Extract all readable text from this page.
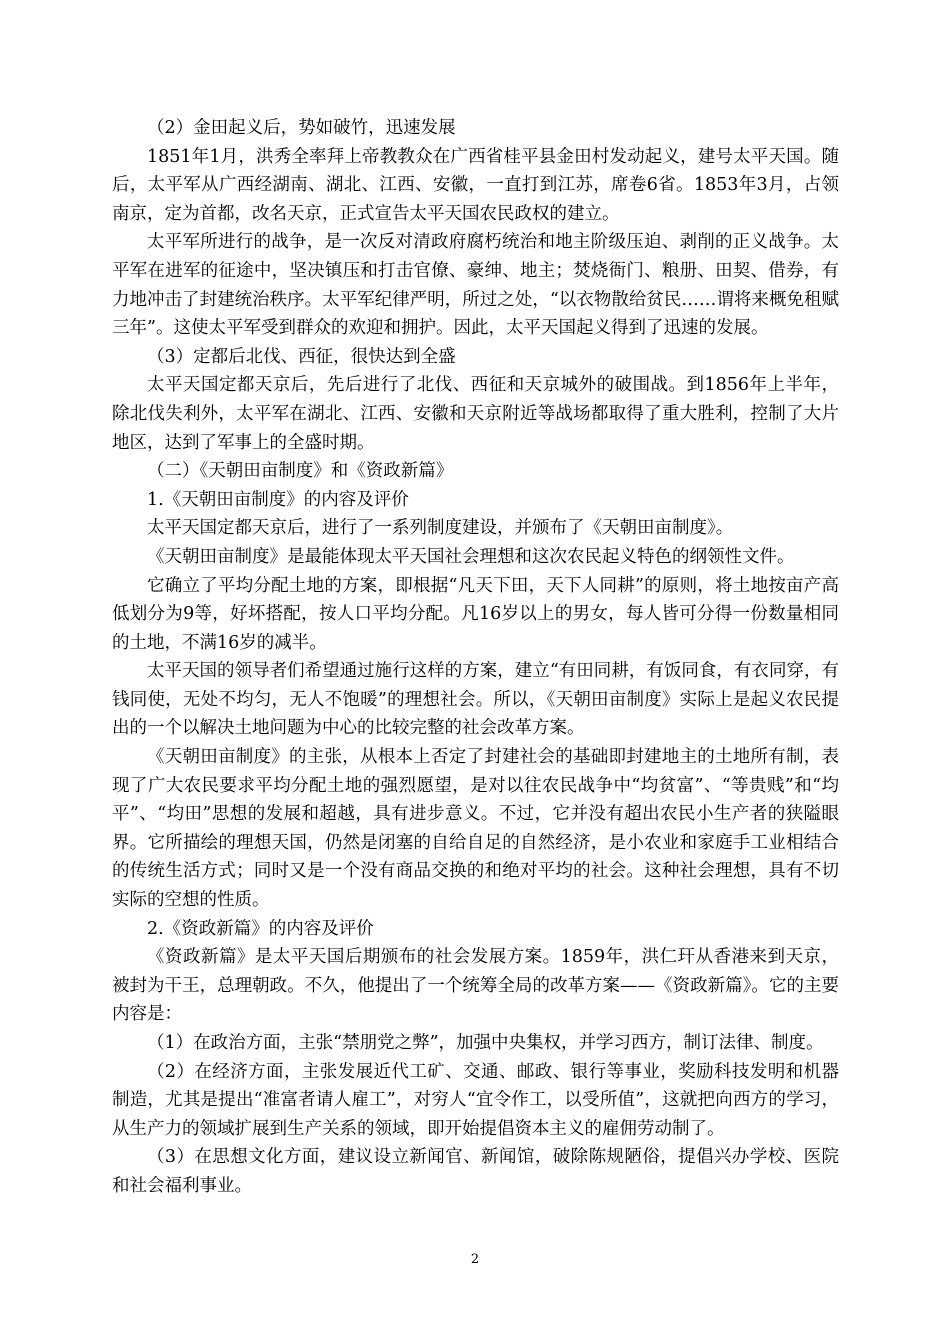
（2）金田起义后，势如破竹，迅速发展

1851年1月，洪秀全率拜上帝教教众在广西省桂平县金田村发动起义，建号太平天国。随后，太平军从广西经湖南、湖北、江西、安徽，一直打到江苏，席卷6省。1853年3月，占领南京，定为首都，改名天京，正式宣告太平天国农民政权的建立。

太平军所进行的战争，是一次反对清政府腐朽统治和地主阶级压迫、剥削的正义战争。太平军在进军的征途中，坚决镇压和打击官僚、豪绅、地主；焚烧衙门、粮册、田契、借券，有力地冲击了封建统治秩序。太平军纪律严明，所过之处，“以衣物散给贫民……谓将来概免租赋三年”。这使太平军受到群众的欢迎和拥护。因此，太平天国起义得到了迅速的发展。

（3）定都后北伐、西征，很快达到全盛

太平天国定都天京后，先后进行了北伐、西征和天京城外的破围战。到1856年上半年，除北伐失利外，太平军在湖北、江西、安徽和天京附近等战场都取得了重大胜利，控制了大片地区，达到了军事上的全盛时期。

（二）《天朝田亩制度》和《资政新篇》

1.《天朝田亩制度》的内容及评价

太平天国定都天京后，进行了一系列制度建设，并颁布了《天朝田亩制度》。

《天朝田亩制度》是最能体现太平天国社会理想和这次农民起义特色的纲领性文件。

它确立了平均分配土地的方案，即根据“凡天下田，天下人同耕”的原则，将土地按亩产高低划分为9等，好坏搭配，按人口平均分配。凡16岁以上的男女，每人皆可分得一份数量相同的土地，不满16岁的减半。

太平天国的领导者们希望通过施行这样的方案，建立“有田同耕，有饭同食，有衣同穿，有钱同使，无处不均匀，无人不饱暖”的理想社会。所以，《天朝田亩制度》实际上是起义农民提出的一个以解决土地问题为中心的比较完整的社会改革方案。

《天朝田亩制度》的主张，从根本上否定了封建社会的基础即封建地主的土地所有制，表现了广大农民要求平均分配土地的强烈愿望，是对以往农民战争中“均贫富”、“等贵贱”和“均平”、“均田”思想的发展和超越，具有进步意义。不过，它并没有超出农民小生产者的狭隘眼界。它所描绘的理想天国，仍然是闭塞的自给自足的自然经济，是小农业和家庭手工业相结合的传统生活方式；同时又是一个没有商品交换的和绝对平均的社会。这种社会理想，具有不切实际的空想的性质。

2.《资政新篇》的内容及评价

《资政新篇》是太平天国后期颁布的社会发展方案。1859年，洪仁玕从香港来到天京，被封为干王，总理朝政。不久，他提出了一个统筹全局的改革方案——《资政新篇》。它的主要内容是：

（1）在政治方面，主张“禁朋党之弊”，加强中央集权，并学习西方，制订法律、制度。

（2）在经济方面，主张发展近代工矿、交通、邮政、银行等事业，奖励科技发明和机器制造，尤其是提出“准富者请人雇工”，对穷人“宜令作工，以受所值”，这就把向西方的学习，从生产力的领域扩展到生产关系的领域，即开始提倡资本主义的雇佣劳动制了。

（3）在思想文化方面，建议设立新闻官、新闻馆，破除陈规陋俗，提倡兴办学校、医院和社会福利事业。

2
